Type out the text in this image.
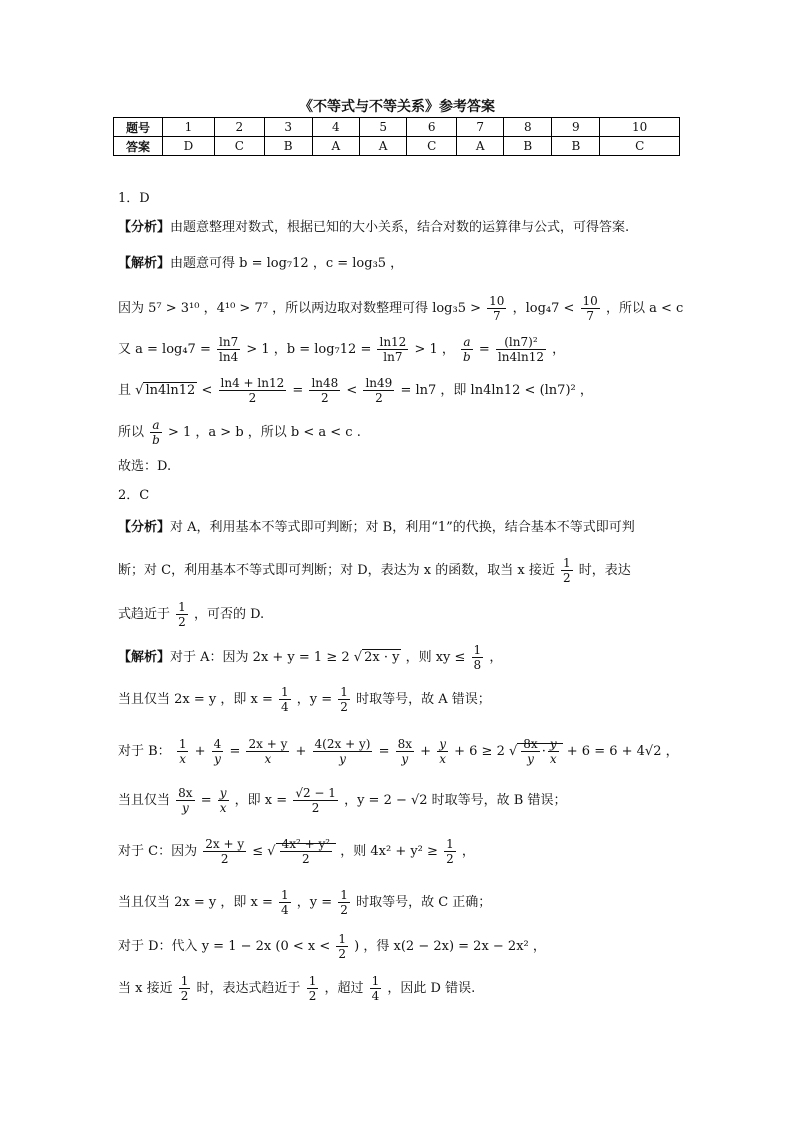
《不等式与不等关系》参考答案
题号	1	2	3	4	5	6	7	8	9	10
答案	D	C	B	A	A	C	A	B	B	C
1．D
【分析】由题意整理对数式，根据已知的大小关系，结合对数的运算律与公式，可得答案.
【解析】由题意可得 b = log₇12 ，c = log₃5 ，
因为 5⁷ > 3¹⁰ ，4¹⁰ > 7⁷ ，所以两边取对数整理可得 $\log_35 > \frac{10}{7}$ ，$\log_47 < \frac{10}{7}$ ，所以 a < c
又 $a = \log_47 = \frac{\ln 7}{\ln 4} > 1$ ，$b = \log_712 = \frac{\ln 12}{\ln 7} > 1$ ， $\frac{a}{b} = \frac{\text{(ln7)²}}{\ln 4\ln 12}$ ，
且 √ $\ln 4\ln 12 < \frac{\ln 4 + \ln 12}{2} = \frac{\ln 48}{2} < \frac{\ln 49}{2} = \ln 7$ ，即 ln4ln12 < (ln7)² ，
所以 $\frac{a}{b} > 1$ ，a > b ，所以 b < a < c .
故选：D.
2．C
【分析】对 A，利用基本不等式即可判断；对 B，利用“1”的代换，结合基本不等式即可判
断；对 C，利用基本不等式即可判断；对 D，表达为 x 的函数，取当 x 接近 $\frac{1}{2}$ 时，表达
式趋近于 $\frac{1}{2}$ ，可否的 D.
【解析】对于 A：因为 2x + y = 1 ≥ 2 √ 2x · y ，则 xy ≤ $\frac{1}{8}$ ，
当且仅当 2x = y ，即 $x = \frac{1}{4}$ ，$y = \frac{1}{2}$ 时取等号，故 A 错误；
对于 B： $\frac{1}{x} + \frac{4}{y} = \frac{2x + y}{x} + \frac{4(2x + y)}{y} = \frac{8x}{y} + \frac{y}{x} + 6 \ge 2$ √ $\frac{8x}{y} \cdot \frac{y}{x} + 6 = 6 + 4√2$ ，
当且仅当 $\frac{8x}{y} = \frac{y}{x}$ ，即 $x = \frac{√2 - 1}{2}$ ，y = 2 − √2 时取等号，故 B 错误；
对于 C：因为 $\frac{2x + y}{2}$ ≤ √ $\frac{\text{4x² + y²}}{2}$ ，则 $4x^2 + y^2 \ge \frac{1}{2}$ ，
当且仅当 2x = y ，即 $x = \frac{1}{4}$ ，$y = \frac{1}{2}$ 时取等号，故 C 正确；
对于 D：代入 y = 1 − 2x ($0 < x < \frac{1}{2}$ ) ，得 x(2 − 2x) = 2x − 2x² ，
当 x 接近 $\frac{1}{2}$ 时，表达式趋近于 $\frac{1}{2}$ ，超过 $\frac{1}{4}$ ，因此 D 错误.
